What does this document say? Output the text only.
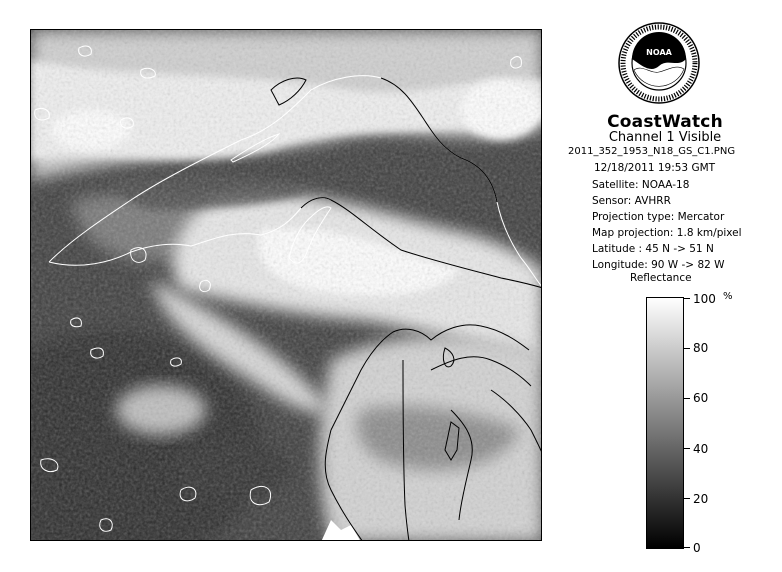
NOAA
CoastWatch
Channel 1 Visible
2011_352_1953_N18_GS_C1.PNG
12/18/2011 19:53 GMT
Satellite: NOAA-18
Sensor: AVHRR
Projection type: Mercator
Map projection: 1.8 km/pixel
Latitude : 45 N -> 51 N
Longitude: 90 W -> 82 W
Reflectance
%
100
80
60
40
20
0
